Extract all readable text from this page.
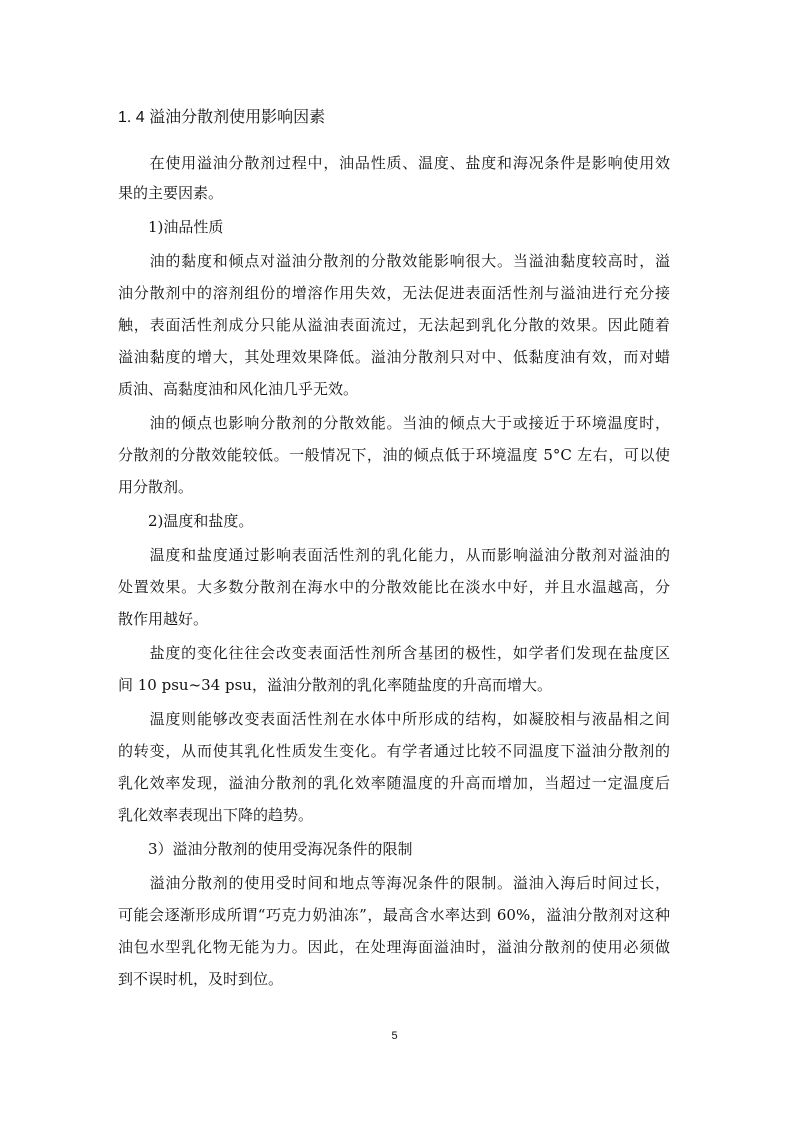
1. 4 溢油分散剂使用影响因素
　　在使用溢油分散剂过程中，油品性质、温度、盐度和海况条件是影响使用效
果的主要因素。
　　1)油品性质
　　油的黏度和倾点对溢油分散剂的分散效能影响很大。当溢油黏度较高时，溢
油分散剂中的溶剂组份的增溶作用失效，无法促进表面活性剂与溢油进行充分接
触，表面活性剂成分只能从溢油表面流过，无法起到乳化分散的效果。因此随着
溢油黏度的增大，其处理效果降低。溢油分散剂只对中、低黏度油有效，而对蜡
质油、高黏度油和风化油几乎无效。
　　油的倾点也影响分散剂的分散效能。当油的倾点大于或接近于环境温度时，
分散剂的分散效能较低。一般情况下，油的倾点低于环境温度 5°C 左右，可以使
用分散剂。
　　2)温度和盐度。
　　温度和盐度通过影响表面活性剂的乳化能力，从而影响溢油分散剂对溢油的
处置效果。大多数分散剂在海水中的分散效能比在淡水中好，并且水温越高，分
散作用越好。
　　盐度的变化往往会改变表面活性剂所含基团的极性，如学者们发现在盐度区
间 10 psu~34 psu，溢油分散剂的乳化率随盐度的升高而增大。
　　温度则能够改变表面活性剂在水体中所形成的结构，如凝胶相与液晶相之间
的转变，从而使其乳化性质发生变化。有学者通过比较不同温度下溢油分散剂的
乳化效率发现，溢油分散剂的乳化效率随温度的升高而增加，当超过一定温度后
乳化效率表现出下降的趋势。
　　3）溢油分散剂的使用受海况条件的限制
　　溢油分散剂的使用受时间和地点等海况条件的限制。溢油入海后时间过长，
可能会逐渐形成所谓“巧克力奶油冻”，最高含水率达到 60%，溢油分散剂对这种
油包水型乳化物无能为力。因此，在处理海面溢油时，溢油分散剂的使用必须做
到不误时机，及时到位。
5
